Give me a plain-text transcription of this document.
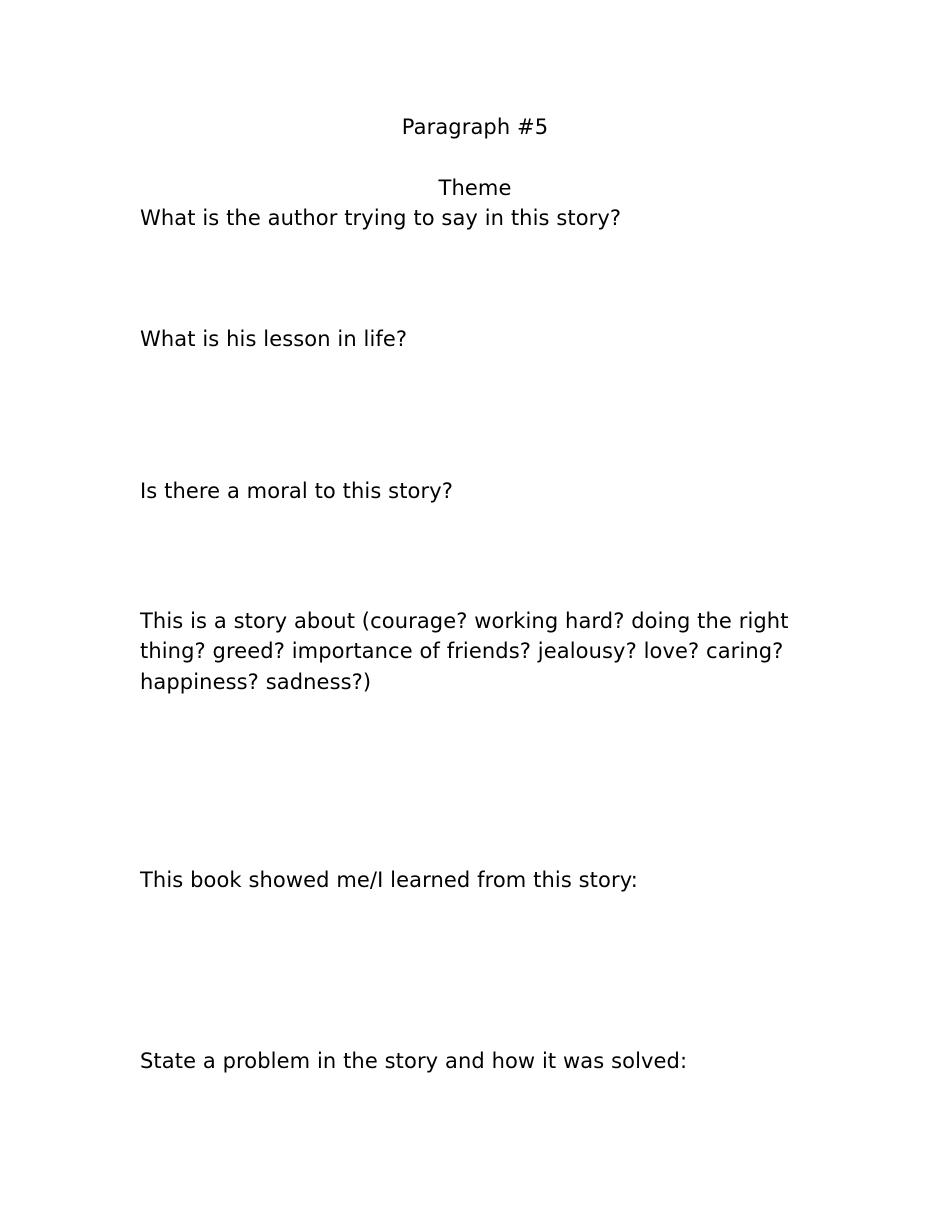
Paragraph #5
Theme
What is the author trying to say in this story?
What is his lesson in life?
Is there a moral to this story?
This is a story about (courage? working hard? doing the right
thing? greed? importance of friends? jealousy? love? caring?
happiness? sadness?)
This book showed me/I learned from this story:
State a problem in the story and how it was solved:
